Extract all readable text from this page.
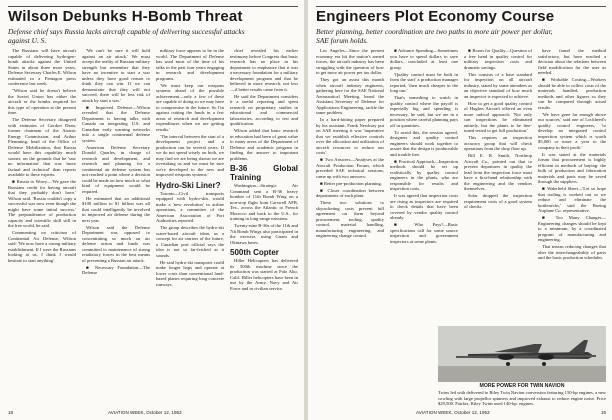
Wilson Debunks H-Bomb Threat
Defense chief says Russia lacks aircraft capable of delivering successful attacks against U. S.

The Russians will have aircraft capable of delivering hydrogen-bomb attacks against the United States in about three more years, Defense Secretary Charles E. Wilson estimated in a Pentagon press conference last week.

"Wilson said he doesn't believe the Soviet Union has either the aircraft or the bombs required for this type of operation at the present time.

The Defense Secretary disagreed with estimates of Gordon Dean, former chairman of the Atomic Energy Commission, and Arthur Flemming, head of the Office of Defense Mobilization, that Russia would have this capability much sooner, on the grounds that he 'saw no information' that was 'more factual and technical' than reports available to these experts.

■ Russia to Worry—'We gave the Russians credit for having aircraft that they probably don't have,' Wilson said. 'Russia couldn't copy a successful war now even though she might have some initial success.' The preponderance of production capacity and scientific skill still in the free world, he said.

Commenting on criticism of Continental Air Defense, Wilson said: 'We now have a strong military establishment. If I were the Russians looking at us, I think I would hesitate to start anything'.

'We can't be sure it will hold against an air attack.' We must accept the reality of Russian military strength but remember that they have no incentive to start a war unless they have good reason to think they can win. If we can demonstrate that they will not succeed, there will be less risk of attack by start a war.'

■ Improved Defense—Wilson revealed that the Defense Department is having talks with Canada on integrating U.S. and Canadian early warning networks into a single continental defense system.

American Defense Secretary Donald Quarles, in charge of research and development, and research and planning for a continental air defense system has not reached a point where a decision could be made on how much or what kind of equipment would be required.

He estimated that an additional $100 million to $1 billion was all that could intelligently be involved in improved air defense during the next year.

Wilson said the Defense Department was opposed to concentrating so much on air defense action and funds was committed to maintenance of strong retaliatory forces in the best means of preventing a Russian air attack.

■ Necessary Foundation—The Defense

military force appears to be in the world. The Department of Defense has used most of the time of his talks in the past four years engaging in research and development programs.

'We must keep our weapons systems ahead of the possible achievement—only a few of these are capable of doing so we may have to compromise in the future. So I'm against cutting the funds in a few areas of research and development expenditures when we are getting results.'

'The interval between the start of a development project and a production can be several years. If we do not spend wisely on both, we may find we are being shown we are overtaking us and we must be sure we're developed to the new and improved weapons systems.'

Hydro-Ski Liner?

Toronto—Civil transports equipped with hydro-skis would make a 'new revolution' in airline operations, a committee of the American Association of Port Authorities reported.

The group describes the hydro-ski water-based aircraft ideas as a concept for air carriers of the future, a Canadian port official says the idea is not so far-fetched as it sounds.

He said hydro-ski transports could make longer hops and operate at lower costs than conventional land-based planes requiring long concrete runways.

chief revealed his earlier testimony before Congress that basic research has no place in his department to emphasize that it was a necessary foundation for a military development program and that he believed in more research, not less—if better results came from it.

He said the Department considers it a useful reporting and spent research on proprietary studies in educational and commercial laboratories, according to test and qualification.

Wilson added that basic research in education had been of great value to many areas of the Department of Defense and academic program in finding the answer to important problems.

B-36 Global Training

Washington—Strategic Air Command sent a B-36 heavy bomber of 11th Bomb Wing on a non-stop flight from Carswell AFB, Tex., across the Atlantic to French Morocco and back to the U.S., for training in long-range missions.

Twenty-nine B-36s of the 11th and 7th Bomb Wings also participated in the exercise, using Guam and Okinawa bases.

500th Copter

Hiller Helicopters has delivered its 500th machine since the production was started at Palo Alto, Calif. Hiller helicopters have been in use by the Army, Navy and Air Force and in civilian service.

18	AVIATION WEEK, October 12, 1953
Engineers Plot Economy Course
Better planning, better coordination are two paths to more air power per dollar, SAE forum holds.

Los Angeles—Since the present economy era hit the nation's armed forces, the aircraft industry has been struggling with the question of how to get more air power per tax dollar.

They got an assist this month when aircraft industry engineers, gathering here for the SAE National Aeronautical Meeting, heard the Assistant Secretary of Defense for Applications Engineering, tackle the same problem.

In a hard-hitting paper prepared by his assistant, Frank Newbury put on SAE meeting it was 'imperative that we establish effective controls over the allocation and utilization of aircraft resources to reduce our costs'.

■ Two Answers—Analyses at the Aircraft Production Forum, which preceded SAE technical sessions, came up with two answers:

■ Better pre-production planning.

■ Closer coordination between departments of each plant.

These two solutions to skyrocketing costs prevent full agreement on them beyond procurement, tooling, quality control, material handling, manufacturing engineering, and engineering change control.

■ Advance Spending—Sometimes you have to spend dollars to save dollars, concluded at least one group.

'Quality control must be built in from the start' a production manager reported; 'then much cheaper in the long run.'

That's something to watch in quality control where the payoff is especially big and spending is necessary, he said, but we are in a position where careful planning pays off in quantities.

To avoid this, the session agreed, designers and quality control engineers should work together to assure that the design is produceable and trouble free.

■ Practical Approach—Inspection methods should be set up realistically by quality control engineers in the plants, who are responsible for results and inspection costs.

It was agreed that inspection costs are rising as inspectors are required to check details that have been covered by vendor quality control already.

■ Who Pays?—Basic specifications call for some source inspection and government inspectors at some plants.

■ Room for Quality—Question of a free hand in quality control for military inspection costs and dramatic savings.

This consists of a base standard for inspection on all aircraft industry, stated by some attendees as an objective standard of how much an inspector is expected to achieve.

How to get a good quality control of Hughes Aircraft offered an even more radical approach: 'Not only can inspections be eliminated entirely, but the plants to be fine-tuned tested to get full production.'

This requires an inspection accuracy group that will check operations from the shop floor up.

Bill E. R. Smith, Northrop Aircraft Co., pointed out that to prevent departures in quality the lead from the inspection force must have a first-hand relationship with the engineering and the vendors themselves.

Solar dropped the inspection requirement costs of a good system of checks.

have found the method satisfactory, but have reached a decision about the relations between field modification for the user as needed.

■ Workable Costing—Workers should be able to collect costs of the materials handled, production methods and other figures so they can be compared through actual results.

'We have gone far enough above our sources,' said one of Lockheed's quality control engineers, 'to develop an integrated control inspection system which is worth $5,000 or more a year to the company in their profit.'

It was stated at the materials forum that procurement is highly efficient in methods of buying: the bulk of production and fabrication materials and parts may be saved through the suppliers.

■ Wakefield Sheet—'Let us hope that tooling is worked out so we reduce and eliminate the bottlenecks,' said the Boeing Airplane Co. representative.

■ Too Many Changes—Engineering changes should be kept to a minimum, by a coordinated program of manufacturing and engineering.

That means reducing changes that alter the interchangeability of parts and the basic production schedules.

AVIATION WEEK, October 12, 1953	19
MORE POWER FOR TWIN NAVION
Twins led with delivered to Riley Twin Navion conversion featuring 150-hp engines, a new cowling with large propellor spinners and improved exhaust to reduce engine noise. Price $29,500. Fairfax, Riley Twins used 140-hp. engines.
